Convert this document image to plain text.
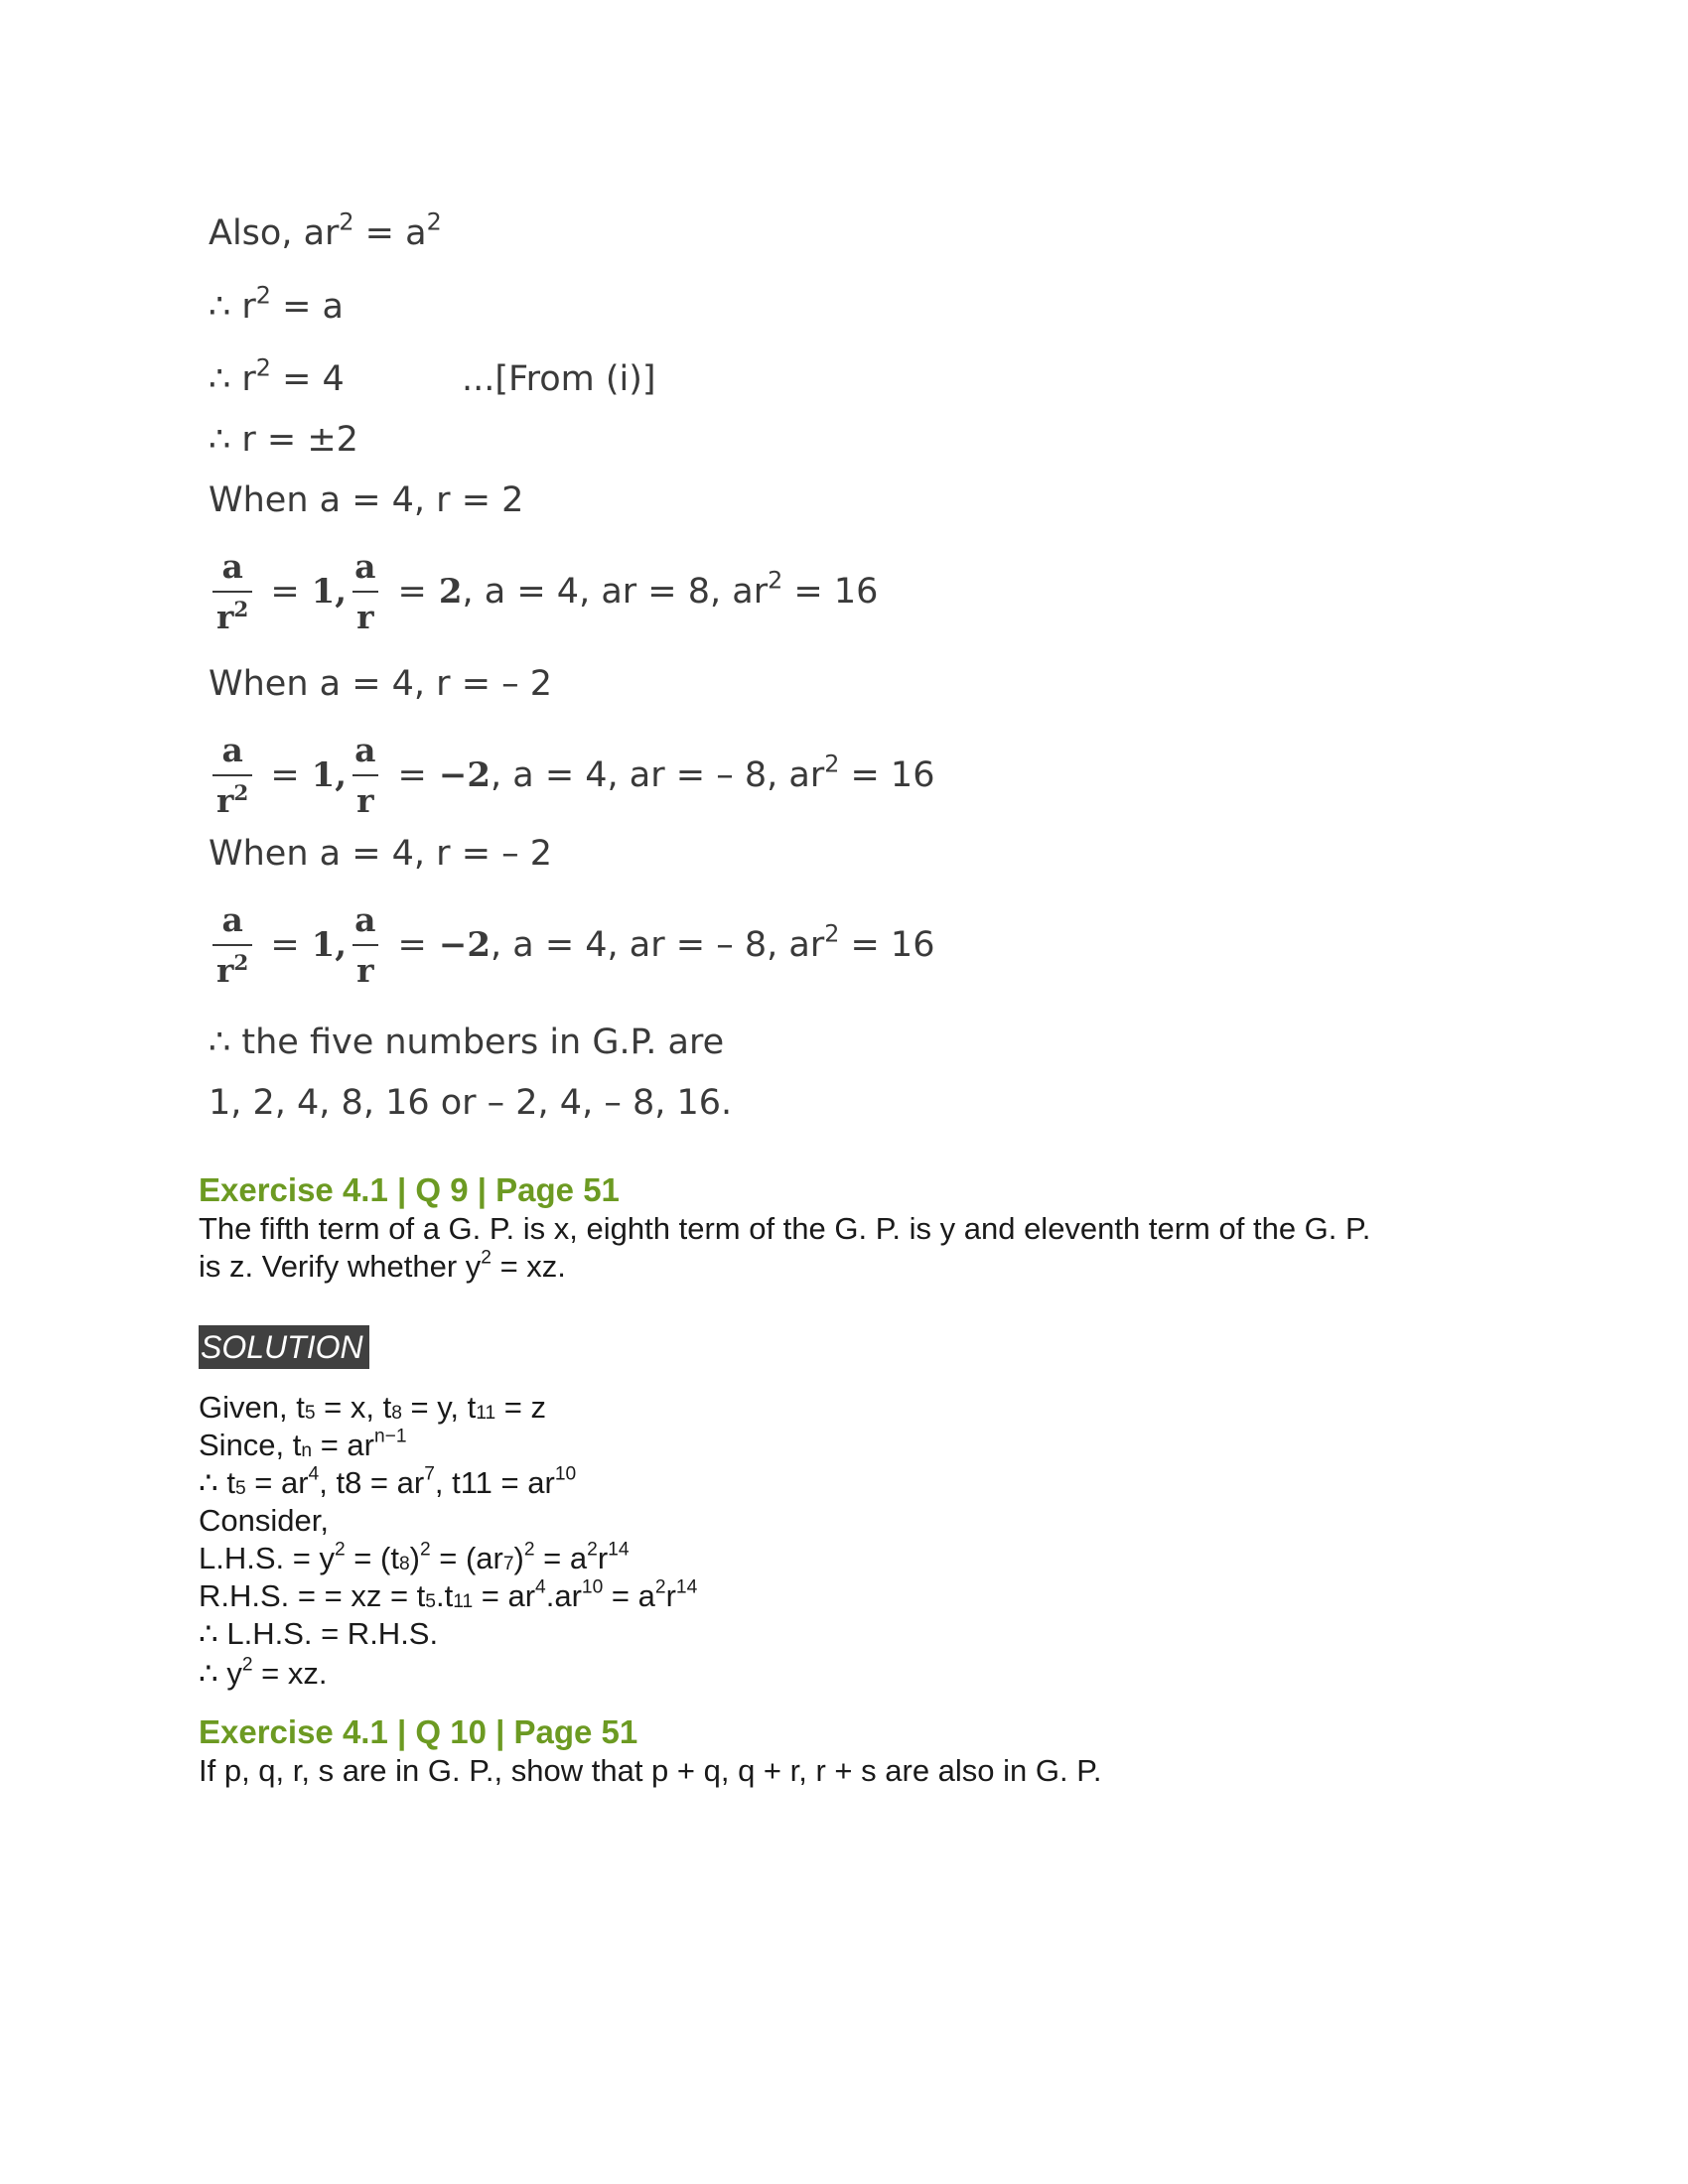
Also, $ar^2 = a^2$
∴ $r^2 = a$
∴ $r^2 = 4$	...[From (i)]
∴ r = ±2
When a = 4, r = 2
$\frac{a}{r^2} = 1$, $\frac{a}{r} = 2$ , a = 4, ar = 8, $ar^2 = 16$
When a = 4, r = – 2
$\frac{a}{r^2} = 1$, $\frac{a}{r} = -2$ , a = 4, ar = – 8, $ar^2 = 16$
When a = 4, r = – 2
$\frac{a}{r^2} = 1$, $\frac{a}{r} = -2$ , a = 4, ar = – 8, $ar^2 = 16$
∴ the five numbers in G.P. are
1, 2, 4, 8, 16 or – 2, 4, – 8, 16.
Exercise 4.1 | Q 9 | Page 51
The fifth term of a G. P. is x, eighth term of the G. P. is y and eleventh term of the G. P.
is z. Verify whether $y^2$ = xz.
SOLUTION
Given, $t_5 = x$, $t_8 = y$, $t_{11} = z$
Since, $t_n = ar^{n-1}$
∴ $t_5 = ar^4$, $t8 = ar^7$, $t11 = ar^{10}$
Consider,
L.H.S. = $y^2 = (t_8)^2 = (ar_7)^2 = a^2r^{14}$
R.H.S. = = xz = $t_5.t_{11} = ar^4.ar^{10} = a^2r^{14}$
∴ L.H.S. = R.H.S.
∴ $y^2$ = xz.
Exercise 4.1 | Q 10 | Page 51
If p, q, r, s are in G. P., show that p + q, q + r, r + s are also in G. P.
